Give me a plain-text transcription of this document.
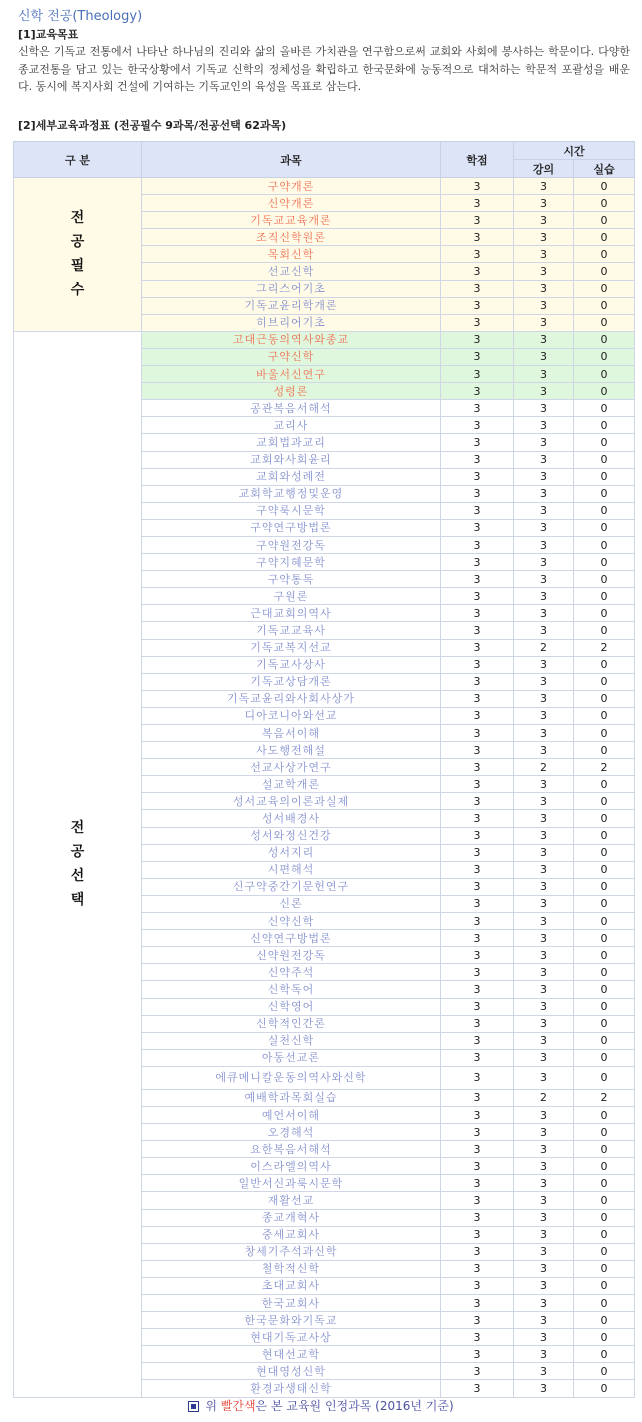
신학 전공(Theology)
[1]교육목표
신학은 기독교 전통에서 나타난 하나님의 진리와 삶의 올바른 가치관을 연구함으로써 교회와 사회에 봉사하는 학문이다. 다양한 종교전통을 담고 있는 한국상황에서 기독교 신학의 정체성을 확립하고 한국문화에 능동적으로 대처하는 학문적 포괄성을 배운다. 동시에 복지사회 건설에 기여하는 기독교인의 육성을 목표로 삼는다.
[2]세부교육과정표 (전공필수 9과목/전공선택 62과목)
구 분	과목	학점	시간	
			강의	실습
전
공
필
수	구약개론	3	3	0
	신약개론	3	3	0
	기독교교육개론	3	3	0
	조직신학원론	3	3	0
	목회신학	3	3	0
	선교신학	3	3	0
	그리스어기초	3	3	0
	기독교윤리학개론	3	3	0
	히브리어기초	3	3	0
전
공
선
택	고대근동의역사와종교	3	3	0
	구약신학	3	3	0
	바울서신연구	3	3	0
	성령론	3	3	0
	공관복음서해석	3	3	0
	교리사	3	3	0
	교회법과교리	3	3	0
	교회와사회윤리	3	3	0
	교회와성례전	3	3	0
	교회학교행정및운영	3	3	0
	구약룩시문학	3	3	0
	구약연구방법론	3	3	0
	구약원전강독	3	3	0
	구약지혜문학	3	3	0
	구약통독	3	3	0
	구원론	3	3	0
	근대교회의역사	3	3	0
	기독교교육사	3	3	0
	기독교복지선교	3	2	2
	기독교사상사	3	3	0
	기독교상담개론	3	3	0
	기독교윤리와사회사상가	3	3	0
	디아코니아와선교	3	3	0
	복음서이해	3	3	0
	사도행전해설	3	3	0
	선교사상가연구	3	2	2
	설교학개론	3	3	0
	성서교육의이론과실제	3	3	0
	성서배경사	3	3	0
	성서와정신건강	3	3	0
	성서지리	3	3	0
	시편해석	3	3	0
	신구약중간기문헌연구	3	3	0
	신론	3	3	0
	신약신학	3	3	0
	신약연구방법론	3	3	0
	신약원전강독	3	3	0
	신약주석	3	3	0
	신학독어	3	3	0
	신학영어	3	3	0
	신학적인간론	3	3	0
	실천신학	3	3	0
	아동선교론	3	3	0
	에큐메니칼운동의역사와신학	3	3	0
	예배학과목회실습	3	2	2
	예언서이해	3	3	0
	오경해석	3	3	0
	요한복음서해석	3	3	0
	이스라엘의역사	3	3	0
	일반서신과룩시문학	3	3	0
	재활선교	3	3	0
	종교개혁사	3	3	0
	중세교회사	3	3	0
	창세기주석과신학	3	3	0
	철학적신학	3	3	0
	초대교회사	3	3	0
	한국교회사	3	3	0
	한국문화와기독교	3	3	0
	현대기독교사상	3	3	0
	현대선교학	3	3	0
	현대영성신학	3	3	0
	환경과생태신학	3	3	0
위 빨간색은 본 교육원 인정과목 (2016년 기준)
